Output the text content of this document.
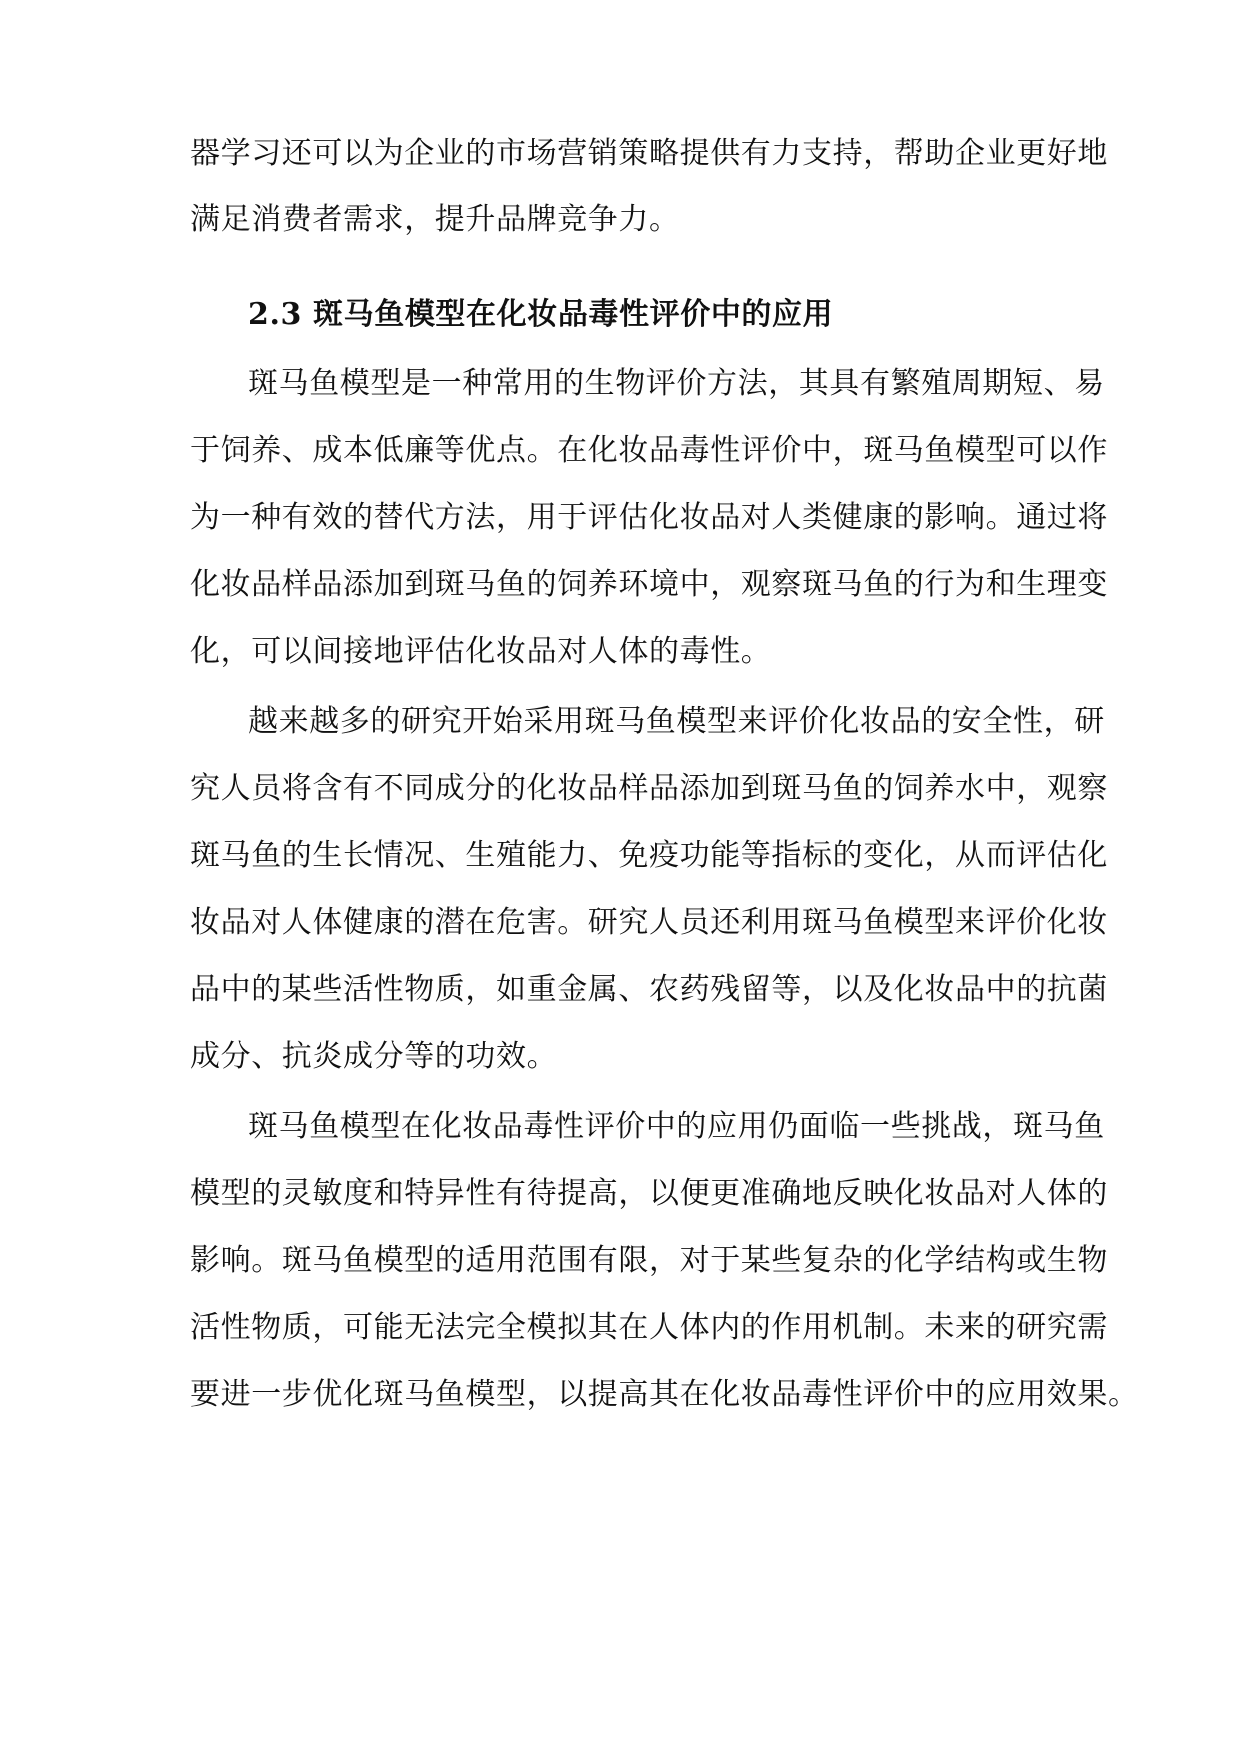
器学习还可以为企业的市场营销策略提供有力支持，帮助企业更好地
满足消费者需求，提升品牌竞争力。
2.3 斑马鱼模型在化妆品毒性评价中的应用
斑马鱼模型是一种常用的生物评价方法，其具有繁殖周期短、易
于饲养、成本低廉等优点。在化妆品毒性评价中，斑马鱼模型可以作
为一种有效的替代方法，用于评估化妆品对人类健康的影响。通过将
化妆品样品添加到斑马鱼的饲养环境中，观察斑马鱼的行为和生理变
化，可以间接地评估化妆品对人体的毒性。
越来越多的研究开始采用斑马鱼模型来评价化妆品的安全性，研
究人员将含有不同成分的化妆品样品添加到斑马鱼的饲养水中，观察
斑马鱼的生长情况、生殖能力、免疫功能等指标的变化，从而评估化
妆品对人体健康的潜在危害。研究人员还利用斑马鱼模型来评价化妆
品中的某些活性物质，如重金属、农药残留等，以及化妆品中的抗菌
成分、抗炎成分等的功效。
斑马鱼模型在化妆品毒性评价中的应用仍面临一些挑战，斑马鱼
模型的灵敏度和特异性有待提高，以便更准确地反映化妆品对人体的
影响。斑马鱼模型的适用范围有限，对于某些复杂的化学结构或生物
活性物质，可能无法完全模拟其在人体内的作用机制。未来的研究需
要进一步优化斑马鱼模型，以提高其在化妆品毒性评价中的应用效果。
